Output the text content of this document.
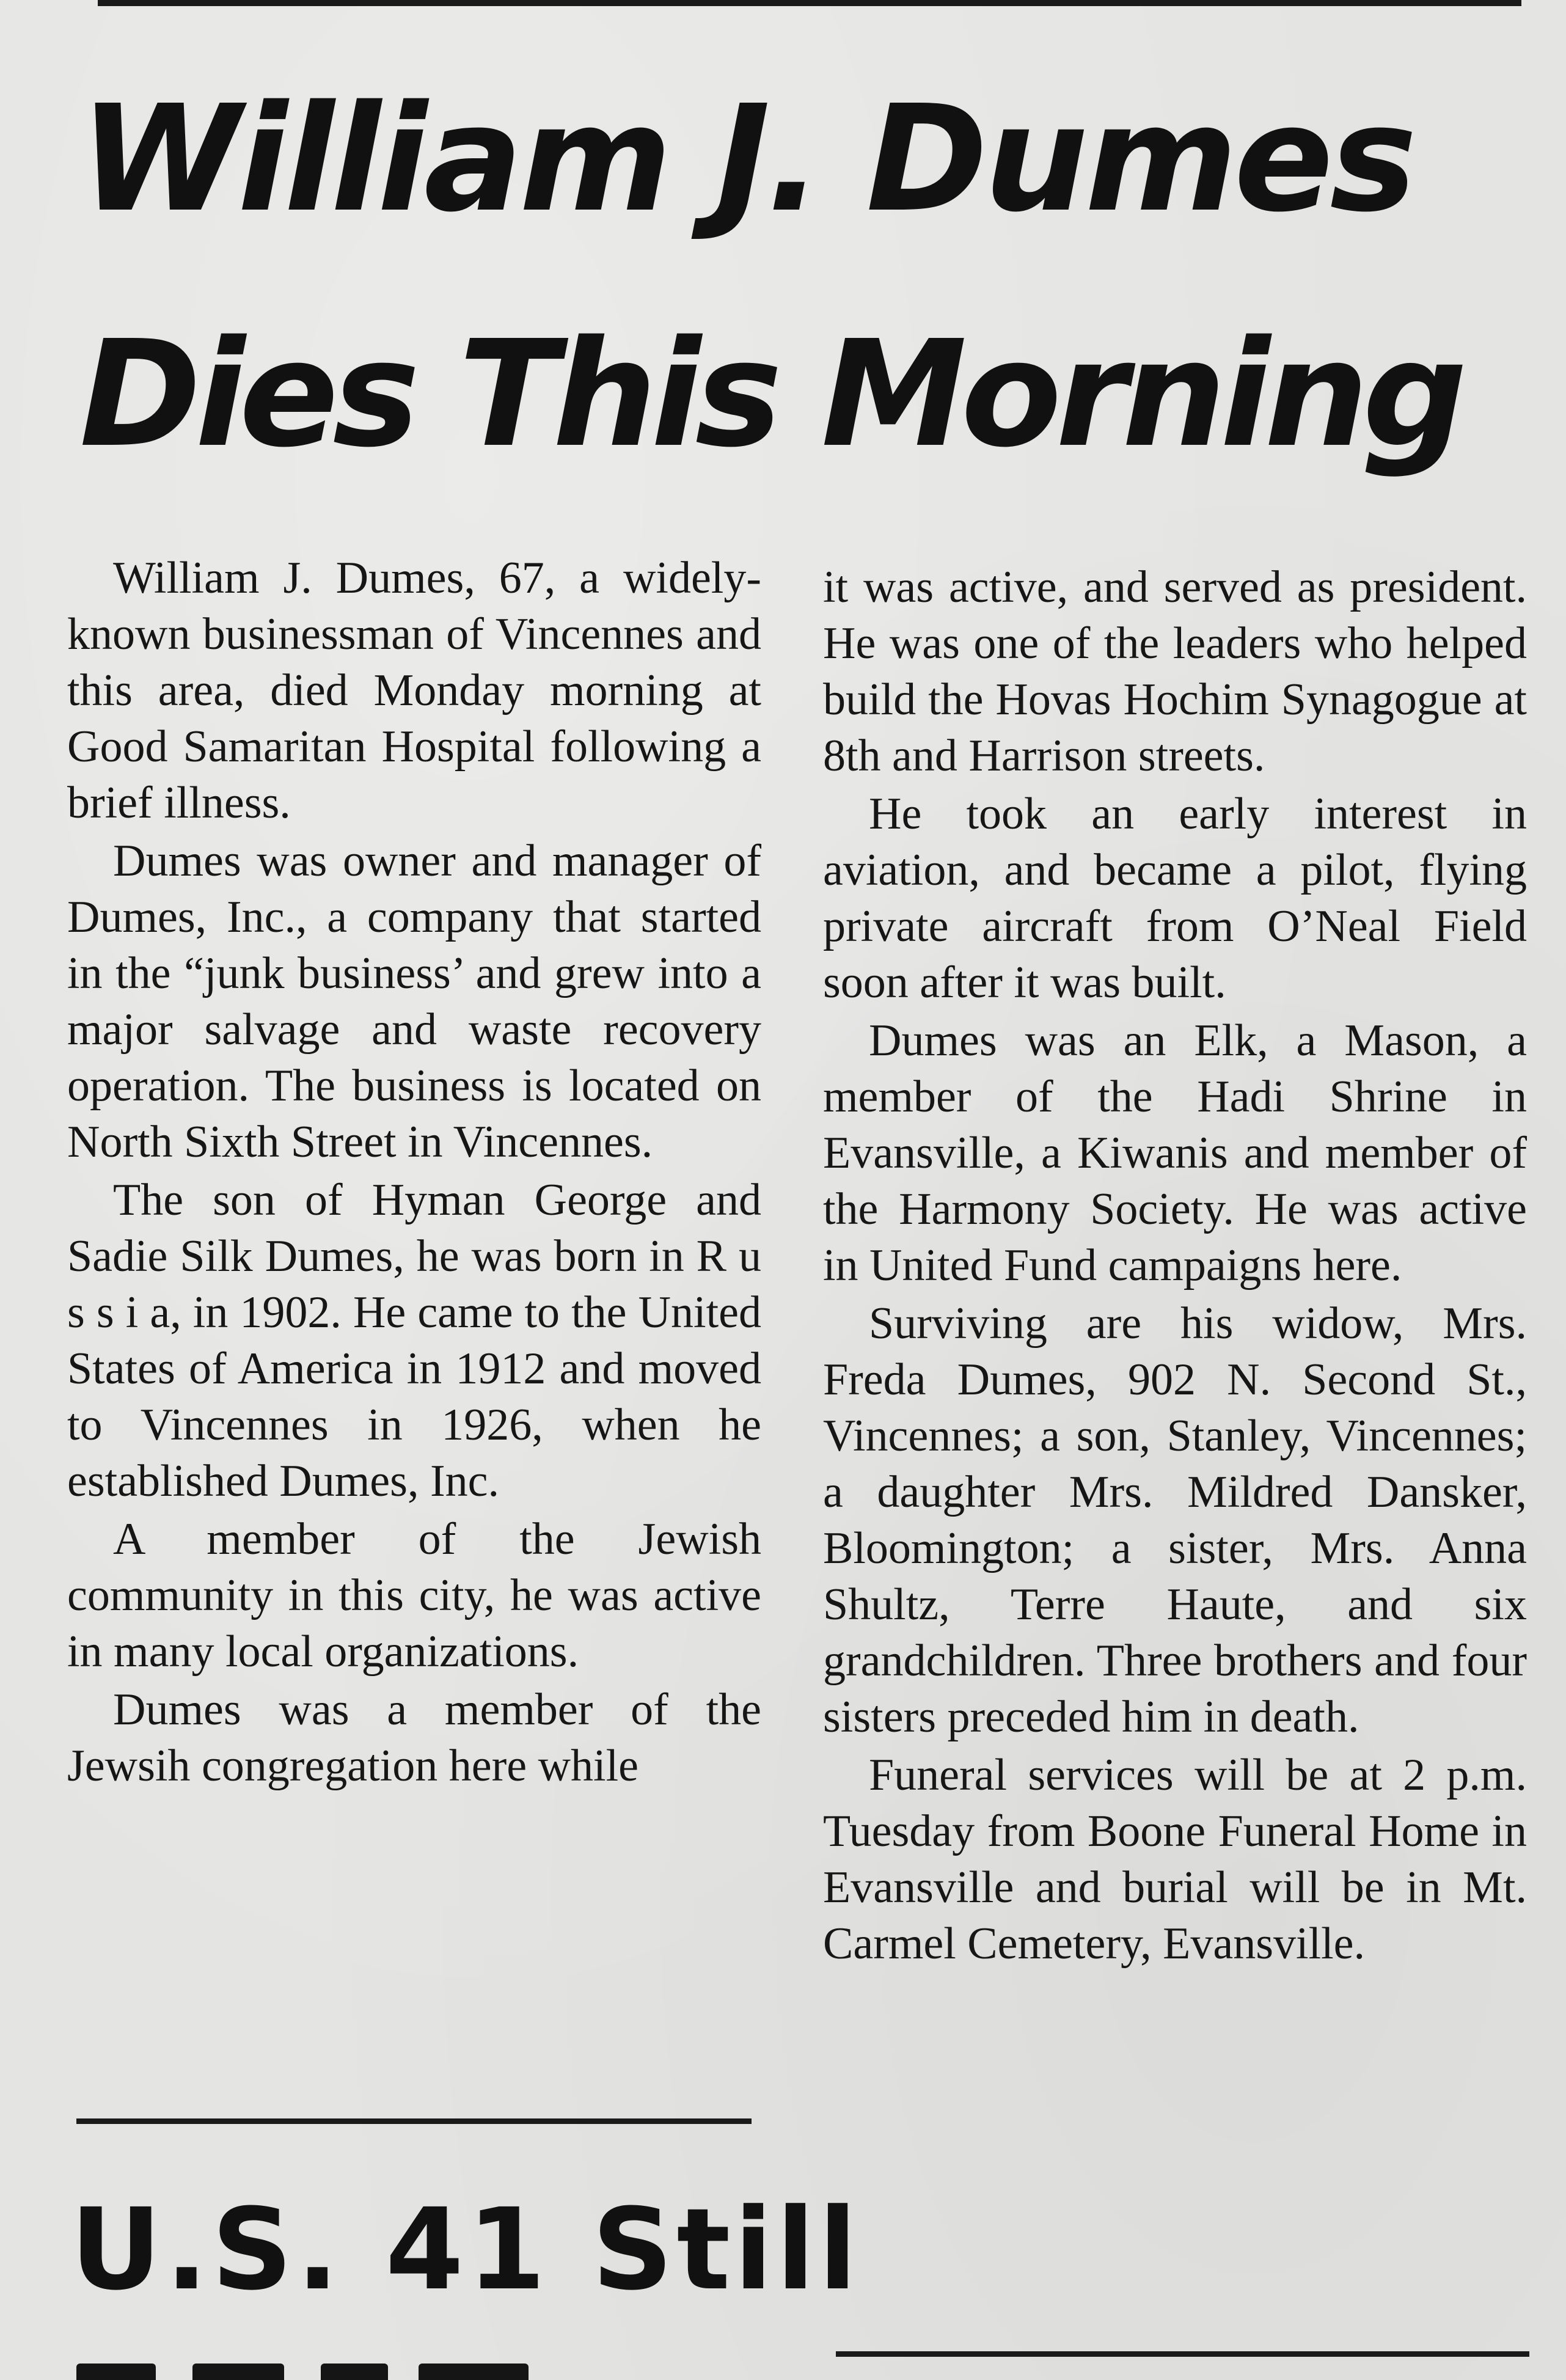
William J. Dumes
Dies This Morning

William J. Dumes, 67, a widely-known businessman of Vincennes and this area, died Monday morning at Good Samaritan Hospital following a brief illness.

Dumes was owner and manager of Dumes, Inc., a company that started in the “junk business’ and grew into a major salvage and waste recovery operation. The business is located on North Sixth Street in Vincennes.

The son of Hyman George and Sadie Silk Dumes, he was born in R u s s i a, in 1902. He came to the United States of America in 1912 and moved to Vincennes in 1926, when he established Dumes, Inc.

A member of the Jewish community in this city, he was active in many local organizations.

Dumes was a member of the Jewsih congregation here while

it was active, and served as president. He was one of the leaders who helped build the Hovas Hochim Synagogue at 8th and Harrison streets.

He took an early interest in aviation, and became a pilot, flying private aircraft from O’Neal Field soon after it was built.

Dumes was an Elk, a Mason, a member of the Hadi Shrine in Evansville, a Kiwanis and member of the Harmony Society. He was active in United Fund campaigns here.

Surviving are his widow, Mrs. Freda Dumes, 902 N. Second St., Vincennes; a son, Stanley, Vincennes; a daughter Mrs. Mildred Dansker, Bloomington; a sister, Mrs. Anna Shultz, Terre Haute, and six grandchildren. Three brothers and four sisters preceded him in death.

Funeral services will be at 2 p.m. Tuesday from Boone Funeral Home in Evansville and burial will be in Mt. Carmel Cemetery, Evansville.

U.S. 41 Still
